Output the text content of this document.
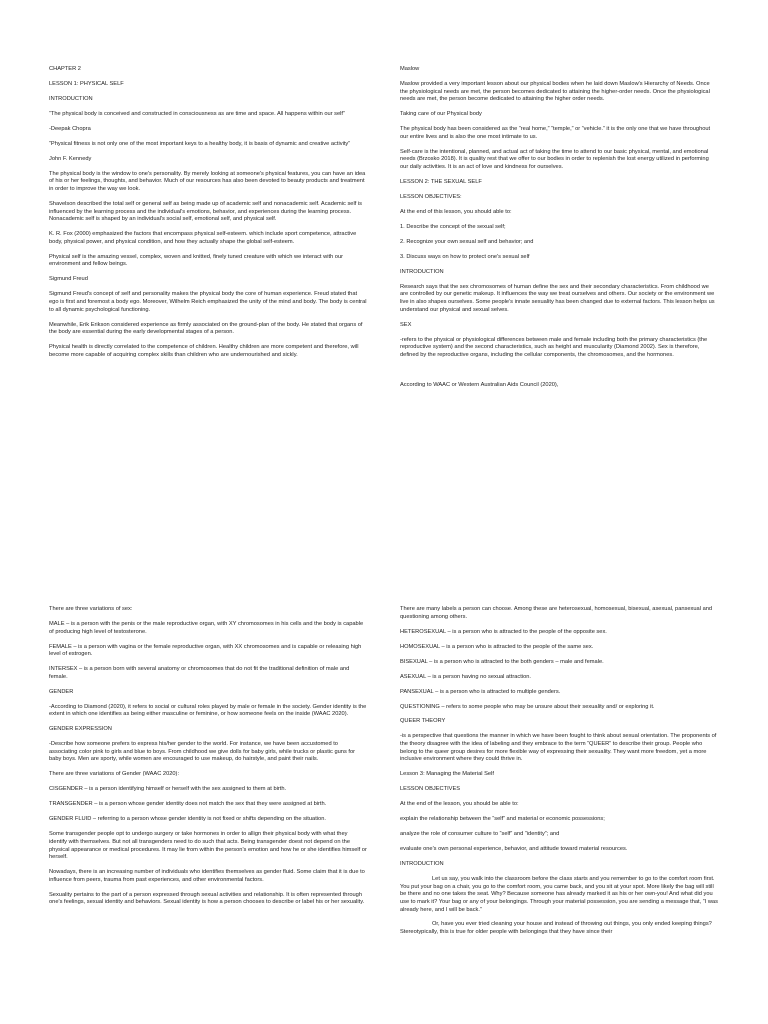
CHAPTER 2

LESSON 1: PHYSICAL SELF

INTRODUCTION

“The physical body is conceived and constructed in consciousness as are time and space. All happens within our self”

-Deepak Chopra

“Physical fitness is not only one of the most important keys to a healthy body, it is basis of dynamic and creative activity”

John F. Kennedy

The physical body is the window to one's personality. By merely looking at someone's physical features, you can have an idea of his or her feelings, thoughts, and behavior. Much of our resources has also been devoted to beauty products and treatment in order to improve the way we look.

Shavelson described the total self or general self as being made up of academic self and nonacademic self. Academic self is influenced by the learning process and the individual's emotions, behavior, and experiences during the learning process. Nonacademic self is shaped by an individual's social self, emotional self, and physical self.

K. R. Fox (2000) emphasized the factors that encompass physical self-esteem. which include sport competence, attractive body, physical power, and physical condition, and how they actually shape the global self-esteem.

Physical self is the amazing vessel, complex, woven and knitted, finely tuned creature with which we interact with our environment and fellow beings.

Sigmund Freud

Sigmund Freud's concept of self and personality makes the physical body the core of human experience. Freud stated that ego is first and foremost a body ego. Moreover, Wilhelm Reich emphasized the unity of the mind and body. The body is central to all dynamic psychological functioning.

Meanwhile, Erik Erikson considered experience as firmly associated on the ground-plan of the body. He stated that organs of the body are essential during the early developmental stages of a person.

Physical health is directly correlated to the competence of children. Healthy children are more competent and therefore, will become more capable of acquiring complex skills than children who are undernourished and sickly.

Maslow

Maslow provided a very important lesson about our physical bodies when he laid down Maslow's Hierarchy of Needs. Once the physiological needs are met, the person becomes dedicated to attaining the higher-order needs. Once the physiological needs are met, the person become dedicated to attaining the higher order needs.

Taking care of our Physical body

The physical body has been considered as the “real home,” “temple,” or “vehicle.” it is the only one that we have throughout our entire lives and is also the one most intimate to us.

Self-care is the intentional, planned, and actual act of taking the time to attend to our basic physical, mental, and emotional needs (Brzosko 2018). It is quality rest that we offer to our bodies in order to replenish the lost energy utilized in performing our daily activities. It is an act of love and kindness for ourselves.

LESSON 2: THE SEXUAL SELF

LESSON OBJECTIVES:

At the end of this lesson, you should able to:

1. Describe the concept of the sexual self;

2. Recognize your own sexual self and behavior; and

3. Discuss ways on how to protect one's sexual self

INTRODUCTION

Research says that the sex chromosomes of human define the sex and their secondary characteristics. From childhood we are controlled by our genetic makeup. It influences the way we treat ourselves and others. Our society or the environment we live in also shapes ourselves. Some people's innate sexuality has been changed due to external factors. This lesson helps us understand our physical and sexual selves.

SEX

-refers to the physical or physiological differences between male and female including both the primary characteristics (the reproductive system) and the second characteristics, such as height and muscularity (Diamond 2002). Sex is therefore, defined by the reproductive organs, including the cellular components, the chromosomes, and the hormones.

According to WAAC or Western Australian Aids Council (2020),

There are three variations of sex:

MALE – is a person with the penis or the male reproductive organ, with XY chromosomes in his cells and the body is capable of producing high level of testosterone.

FEMALE – is a person with vagina or the female reproductive organ, with XX chromosomes and is capable or releasing high level of estrogen.

INTERSEX – is a person born with several anatomy or chromosomes that do not fit the traditional definition of male and female.

GENDER

-According to Diamond (2020), it refers to social or cultural roles played by male or female in the society. Gender identity is the extent in which one identifies as being either masculine or feminine, or how someone feels on the inside (WAAC 2020).

GENDER EXPRESSION

-Describe how someone prefers to express his/her gender to the world. For instance, we have been accustomed to associating color pink to girls and blue to boys. From childhood we give dolls for baby girls, while trucks or plastic guns for baby boys. Men are sporty, while women are encouraged to use makeup, do hairstyle, and paint their nails.

There are three variations of Gender (WAAC 2020):

CISGENDER – is a person identifying himself or herself with the sex assigned to them at birth.

TRANSGENDER – is a person whose gender identity does not match the sex that they were assigned at birth.

GENDER FLUID – referring to a person whose gender identity is not fixed or shifts depending on the situation.

Some transgender people opt to undergo surgery or take hormones in order to allign their physical body with what they identify with themselves. But not all transgenders need to do such that acts. Being transgender doest not depend on the physical appearance or medical procedures. It may lie from within the person's emotion and how he or she identifies himself or herself.

Nowadays, there is an increasing number of individuals who identifies themselves as gender fluid. Some claim that it is due to influence from peers, trauma from past experiences, and other environmental factors.

Sexuality pertains to the part of a person expressed through sexual activities and relationship. It is often represented through one's feelings, sexual identity and behaviors. Sexual identity is how a person chooses to describe or label his or her sexuality.

There are many labels a person can choose. Among these are heterosexual, homosexual, bisexual, asexual, pansexual and questioning among others.

HETEROSEXUAL – is a person who is attracted to the people of the opposite sex.

HOMOSEXUAL – is a person who is attracted to the people of the same sex.

BISEXUAL – is a person who is attracted to the both genders – male and female.

ASEXUAL – is a person having no sexual attraction.

PANSEXUAL – is a person who is attracted to multiple genders.

QUESTIONING – refers to some people who may be unsure about their sexuality and/ or exploring it.

QUEER THEORY

-is a perspective that questions the manner in which we have been fought to think about sexual orientation. The proponents of the theory disagree with the idea of labeling and they embrace to the term “QUEER” to describe their group. People who belong to the queer group desires for more flexible way of expressing their sexuality. They want more freedom, yet a more inclusive environment where they could thrive in.

Lesson 3: Managing the Material Self

LESSON OBJECTIVES

At the end of the lesson, you should be able to:

explain the relationship between the “self” and material or economic possessions;

analyze the role of consumer culture to “self” and “identity”; and

evaluate one's own personal experience, behavior, and attitude toward material resources.

INTRODUCTION

Let us say, you walk into the classroom before the class starts and you remember to go to the comfort room first. You put your bag on a chair, you go to the comfort room, you came back, and you sit at your spot. More likely the bag will still be there and no one takes the seat. Why? Because someone has already marked it as his or her own-you! And what did you use to mark it? Your bag or any of your belongings. Through your material possession, you are sending a message that, “I was already here, and I will be back.”

Or, have you ever tried cleaning your house and instead of throwing out things, you only ended keeping things? Stereotypically, this is true for older people with belongings that they have since their
